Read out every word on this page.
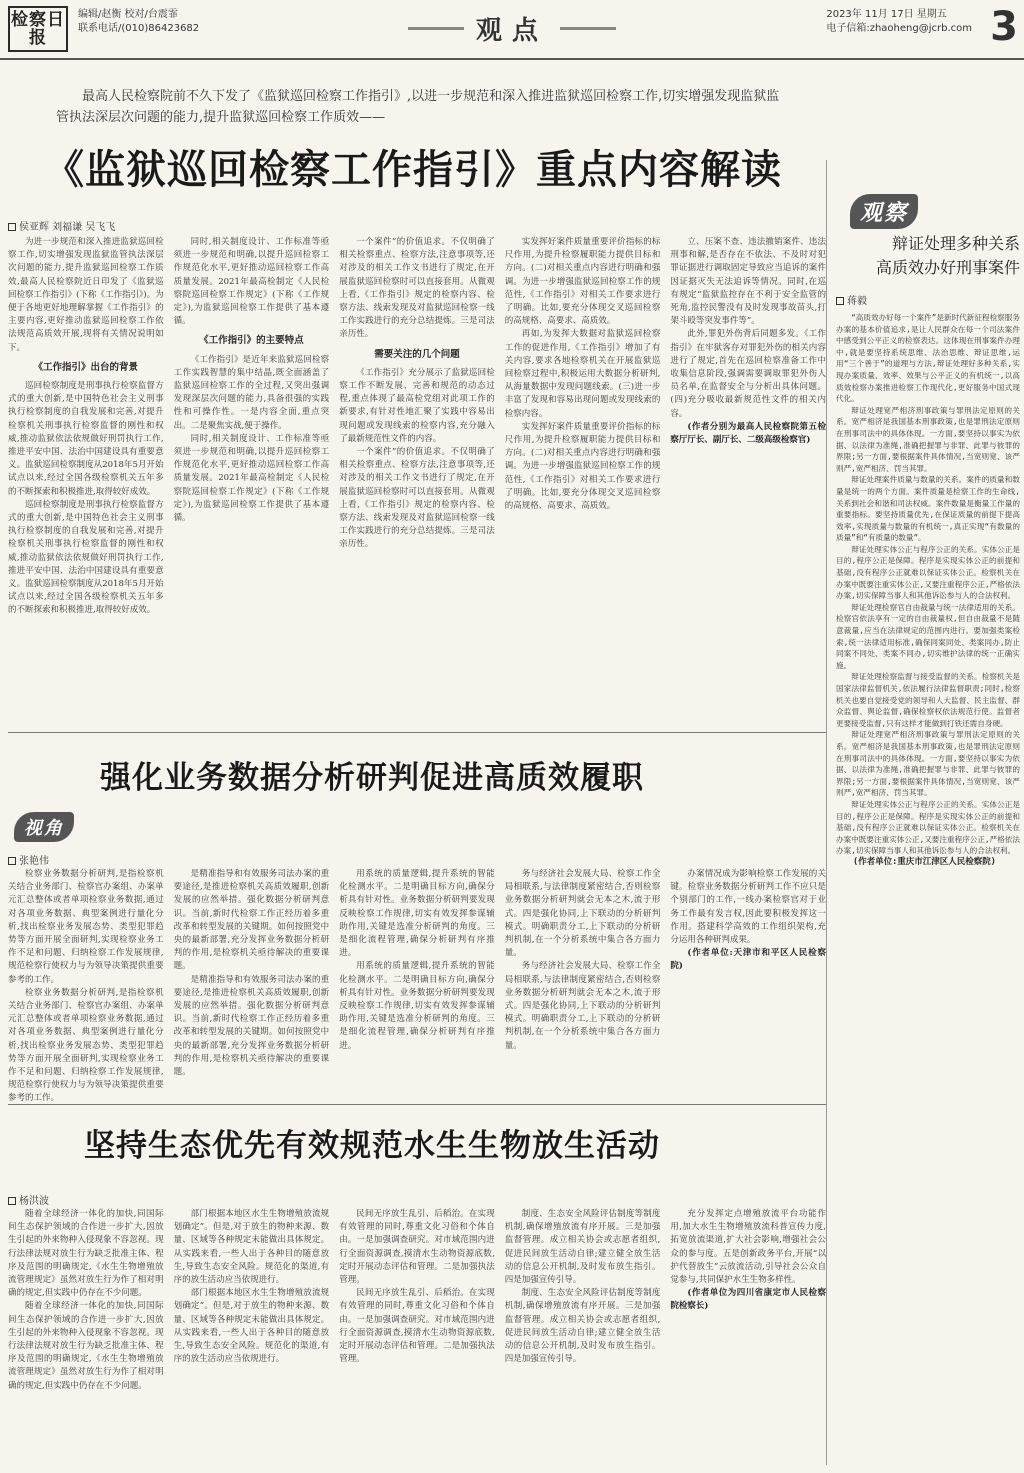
检察日报
编辑/赵衡 校对/台震霏
联系电话/(010)86423682	观点
2023年 11月 17日 星期五
电子信箱:zhaoheng@jcrb.com 3
最高人民检察院前不久下发了《监狱巡回检察工作指引》,以进一步规范和深入推进监狱巡回检察工作,切实增强发现监狱监管执法深层次问题的能力,提升监狱巡回检察工作质效——
《监狱巡回检察工作指引》重点内容解读
侯亚辉 刘福谦 吴飞飞

为进一步规范和深入推进监狱巡回检察工作,切实增强发现监狱监管执法深层次问题的能力,提升监狱巡回检察工作质效,最高人民检察院近日印发了《监狱巡回检察工作指引》(下称《工作指引》)。为便于各地更好地理解掌握《工作指引》的主要内容,更好推动监狱巡回检察工作依法规范高质效开展,现将有关情况说明如下。

《工作指引》出台的背景

巡回检察制度是刑事执行检察监督方式的重大创新,是中国特色社会主义刑事执行检察制度的自我发展和完善,对提升检察机关刑事执行检察监督的刚性和权威,推动监狱依法依规做好刑罚执行工作,推进平安中国、法治中国建设具有重要意义。监狱巡回检察制度从2018年5月开始试点以来,经过全国各级检察机关五年多的不断探索和积极推进,取得较好成效。

巡回检察制度是刑事执行检察监督方式的重大创新,是中国特色社会主义刑事执行检察制度的自我发展和完善,对提升检察机关刑事执行检察监督的刚性和权威,推动监狱依法依规做好刑罚执行工作,推进平安中国、法治中国建设具有重要意义。监狱巡回检察制度从2018年5月开始试点以来,经过全国各级检察机关五年多的不断探索和积极推进,取得较好成效。

同时,相关制度设计、工作标准等亟须进一步规范和明确,以提升巡回检察工作规范化水平,更好推动巡回检察工作高质量发展。2021年最高检制定《人民检察院巡回检察工作规定》(下称《工作规定》),为监狱巡回检察工作提供了基本遵循。

《工作指引》的主要特点

《工作指引》是近年来监狱巡回检察工作实践智慧的集中结晶,既全面涵盖了监狱巡回检察工作的全过程,又突出强调发现深层次问题的能力,具备很强的实践性和可操作性。一是内容全面,重点突出。二是聚焦实战,便于操作。

同时,相关制度设计、工作标准等亟须进一步规范和明确,以提升巡回检察工作规范化水平,更好推动巡回检察工作高质量发展。2021年最高检制定《人民检察院巡回检察工作规定》(下称《工作规定》),为监狱巡回检察工作提供了基本遵循。

一个案件”的价值追求。不仅明确了相关检察重点、检察方法,注意事项等,还对涉及的相关工作文书进行了规定,在开展监狱巡回检察时可以直接套用。从微观上看,《工作指引》规定的检察内容、检察方法、线索发现及对监狱巡回检察一线工作实践进行的充分总结提炼。三是司法亲历性。

需要关注的几个问题

《工作指引》充分展示了监狱巡回检察工作不断发展、完善和规范的动态过程,重点体现了最高检党组对此项工作的新要求,有针对性地汇聚了实践中容易出现问题或发现线索的检察内容,充分融入了最新规范性文件的内容。

一个案件”的价值追求。不仅明确了相关检察重点、检察方法,注意事项等,还对涉及的相关工作文书进行了规定,在开展监狱巡回检察时可以直接套用。从微观上看,《工作指引》规定的检察内容、检察方法、线索发现及对监狱巡回检察一线工作实践进行的充分总结提炼。三是司法亲历性。

实发挥好案件质量重要评价指标的标尺作用,为提升检察履职能力提供目标和方向。(二)对相关重点内容进行明确和强调。为进一步增强监狱巡回检察工作的规范性,《工作指引》对相关工作要求进行了明确。比如,要充分体现交叉巡回检察的高规格、高要求、高质效。

再如,为发挥大数据对监狱巡回检察工作的促进作用,《工作指引》增加了有关内容,要求各地检察机关在开展监狱巡回检察过程中,积极运用大数据分析研判,从海量数据中发现问题线索。(三)进一步丰富了发现和容易出现问题或发现线索的检察内容。

实发挥好案件质量重要评价指标的标尺作用,为提升检察履职能力提供目标和方向。(二)对相关重点内容进行明确和强调。为进一步增强监狱巡回检察工作的规范性,《工作指引》对相关工作要求进行了明确。比如,要充分体现交叉巡回检察的高规格、高要求、高质效。

立、压案不查、违法撤销案件、违法刑事和解,是否存在不依法、不及时对犯罪证据进行调取固定导致应当追诉的案件因证据灭失无法追诉等情况。同时,在巡有规定“监狱监控存在不利于安全监管的死角,监控民警没有及时发现事故苗头,打架斗殴等突发事件等”。

此外,罪犯外伤背后同题多发。《工作指引》在牢狱客存对罪犯外伤的相关内容进行了规定,首先在巡回检察准备工作中收集信息阶段,强调需要调取罪犯外伤人员名单,在监督安全与分析出具体问题。(四)充分吸收最新规范性文件的相关内容。

(作者分别为最高人民检察院第五检察厅厅长、副厅长、二级高级检察官)

观察
辩证处理多种关系
高质效办好刑事案件
蒋毅

“高质效办好每一个案件”是新时代新征程检察服务办案的基本价值追求,是让人民群众在每一个司法案件中感受到公平正义的检察表达。这体现在刑事案件办理中,就是要坚持系统思维、法治思维、辩证思维,运用“三个善于”的道理与方法,辩证处理好多种关系,实现办案质量、效率、效果与公平正义的有机统一,以高质效检察办案推进检察工作现代化,更好服务中国式现代化。

辩证处理宽严相济刑事政策与罪刑法定原则的关系。宽严相济是我国基本刑事政策,也是罪刑法定原则在刑事司法中的具体体现。一方面,要坚持以事实为依据、以法律为准绳,准确把握罪与非罪、此罪与彼罪的界限;另一方面,要根据案件具体情况,当宽则宽、该严则严,宽严相济、罚当其罪。

辩证处理案件质量与数量的关系。案件的质量和数量是统一的两个方面。案件质量是检察工作的生命线,关系到社会和谐和司法权威。案件数量是衡量工作量的重要指标。要坚持质量优先,在保证质量的前提下提高效率,实现质量与数量的有机统一,真正实现“有数量的质量”和“有质量的数量”。

辩证处理实体公正与程序公正的关系。实体公正是目的,程序公正是保障。程序是实现实体公正的前提和基础,没有程序公正就难以保证实体公正。检察机关在办案中既要注重实体公正,又要注重程序公正,严格依法办案,切实保障当事人和其他诉讼参与人的合法权利。

辩证处理检察官自由裁量与统一法律适用的关系。检察官依法享有一定的自由裁量权,但自由裁量不是随意裁量,应当在法律规定的范围内进行。要加强类案检索,统一法律适用标准,确保同案同处、类案同办,防止同案不同处、类案不同办,切实维护法律的统一正确实施。

辩证处理检察监督与接受监督的关系。检察机关是国家法律监督机关,依法履行法律监督职责;同时,检察机关也要自觉接受党的领导和人大监督、民主监督、群众监督、舆论监督,确保检察权依法规范行使。监督者更要接受监督,只有这样才能做到打铁还需自身硬。

辩证处理宽严相济刑事政策与罪刑法定原则的关系。宽严相济是我国基本刑事政策,也是罪刑法定原则在刑事司法中的具体体现。一方面,要坚持以事实为依据、以法律为准绳,准确把握罪与非罪、此罪与彼罪的界限;另一方面,要根据案件具体情况,当宽则宽、该严则严,宽严相济、罚当其罪。

辩证处理实体公正与程序公正的关系。实体公正是目的,程序公正是保障。程序是实现实体公正的前提和基础,没有程序公正就难以保证实体公正。检察机关在办案中既要注重实体公正,又要注重程序公正,严格依法办案,切实保障当事人和其他诉讼参与人的合法权利。

(作者单位:重庆市江津区人民检察院)

强化业务数据分析研判促进高质效履职
视角
张艳伟

检察业务数据分析研判,是指检察机关结合业务部门、检察官办案组、办案单元汇总整体或者单项检察业务数据,通过对各项业务数据、典型案例进行量化分析,找出检察业务发展态势、类型犯罪趋势等方面开展全面研判,实现检察业务工作不足和问题、归纳检察工作发展规律,规范检察行使权力与为领导决策提供重要参考的工作。

检察业务数据分析研判,是指检察机关结合业务部门、检察官办案组、办案单元汇总整体或者单项检察业务数据,通过对各项业务数据、典型案例进行量化分析,找出检察业务发展态势、类型犯罪趋势等方面开展全面研判,实现检察业务工作不足和问题、归纳检察工作发展规律,规范检察行使权力与为领导决策提供重要参考的工作。

是精准指导和有效服务司法办案的重要途径,是推进检察机关高质效履职,创新发展的应然举措。强化数据分析研判意识。当前,新时代检察工作正经历着多重改革和转型发展的关键期。如何按照党中央的最新部署,充分发挥业务数据分析研判的作用,是检察机关亟待解决的重要课题。

是精准指导和有效服务司法办案的重要途径,是推进检察机关高质效履职,创新发展的应然举措。强化数据分析研判意识。当前,新时代检察工作正经历着多重改革和转型发展的关键期。如何按照党中央的最新部署,充分发挥业务数据分析研判的作用,是检察机关亟待解决的重要课题。

用系统的质量逻辑,提升系统的智能化检测水平。二是明确目标方向,确保分析具有针对性。业务数据分析研判要发现反映检察工作规律,切实有效发挥参谋辅助作用,关键是选准分析研判的角度。三是细化流程管理,确保分析研判有序推进。

用系统的质量逻辑,提升系统的智能化检测水平。二是明确目标方向,确保分析具有针对性。业务数据分析研判要发现反映检察工作规律,切实有效发挥参谋辅助作用,关键是选准分析研判的角度。三是细化流程管理,确保分析研判有序推进。

务与经济社会发展大局、检察工作全局相联系,与法律制度紧密结合,否则检察业务数据分析研判就会无本之木,流于形式。四是强化协同,上下联动的分析研判模式。明确职责分工,上下联动的分析研判机制,在一个分析系统中集合各方面力量。

务与经济社会发展大局、检察工作全局相联系,与法律制度紧密结合,否则检察业务数据分析研判就会无本之木,流于形式。四是强化协同,上下联动的分析研判模式。明确职责分工,上下联动的分析研判机制,在一个分析系统中集合各方面力量。

办案情况成为影响检察工作发展的关键。检察业务数据分析研判工作不应只是个别部门的工作,一线办案检察官对于业务工作最有发言权,因此要积极发挥这一作用。搭建科学高效的工作组织架构,充分运用各种研判成果。

(作者单位:天津市和平区人民检察院)

坚持生态优先有效规范水生生物放生活动
杨洪波

随着全球经济一体化的加快,同国际间生态保护领域的合作进一步扩大,因放生引起的外来物种入侵现象不容忽视。现行法律法规对放生行为缺乏批准主体、程序及范围的明确规定,《水生生物增殖放流管理规定》虽然对放生行为作了相对明确的规定,但实践中仍存在不少问题。

随着全球经济一体化的加快,同国际间生态保护领域的合作进一步扩大,因放生引起的外来物种入侵现象不容忽视。现行法律法规对放生行为缺乏批准主体、程序及范围的明确规定,《水生生物增殖放流管理规定》虽然对放生行为作了相对明确的规定,但实践中仍存在不少问题。

部门根据本地区水生生物增殖放流规划确定”。但是,对于放生的物种来源、数量、区域等各种规定未能做出具体规定。从实践来看,一些人出于各种目的随意放生,导致生态安全风险。规范化的渠道,有序的放生活动应当依规进行。

部门根据本地区水生生物增殖放流规划确定”。但是,对于放生的物种来源、数量、区域等各种规定未能做出具体规定。从实践来看,一些人出于各种目的随意放生,导致生态安全风险。规范化的渠道,有序的放生活动应当依规进行。

民间无序放生乱引、后稻治。在实现有效管理的同时,尊重文化习俗和个体自由。一是加强调查研究。对市域范围内进行全面资源调查,摸清水生动物资源底数,定时开展动态评估和管理。二是加强执法管理。

民间无序放生乱引、后稻治。在实现有效管理的同时,尊重文化习俗和个体自由。一是加强调查研究。对市域范围内进行全面资源调查,摸清水生动物资源底数,定时开展动态评估和管理。二是加强执法管理。

制度、生态安全风险评估制度等制度机制,确保增殖放流有序开展。三是加强监督管理。成立相关协会或志愿者组织,促进民间放生活动自律;建立健全放生活动的信息公开机制,及时发布放生指引。四是加强宣传引导。

制度、生态安全风险评估制度等制度机制,确保增殖放流有序开展。三是加强监督管理。成立相关协会或志愿者组织,促进民间放生活动自律;建立健全放生活动的信息公开机制,及时发布放生指引。四是加强宣传引导。

充分发挥定点增殖放流平台功能作用,加大水生生物增殖放流科普宣传力度,拓宽放流渠道,扩大社会影响,增强社会公众的参与度。五是创新政务平台,开展“以护代替放生”云放流活动,引导社会公众自觉参与,共同保护水生生物多样性。

(作者单位为四川省康定市人民检察院检察长)
